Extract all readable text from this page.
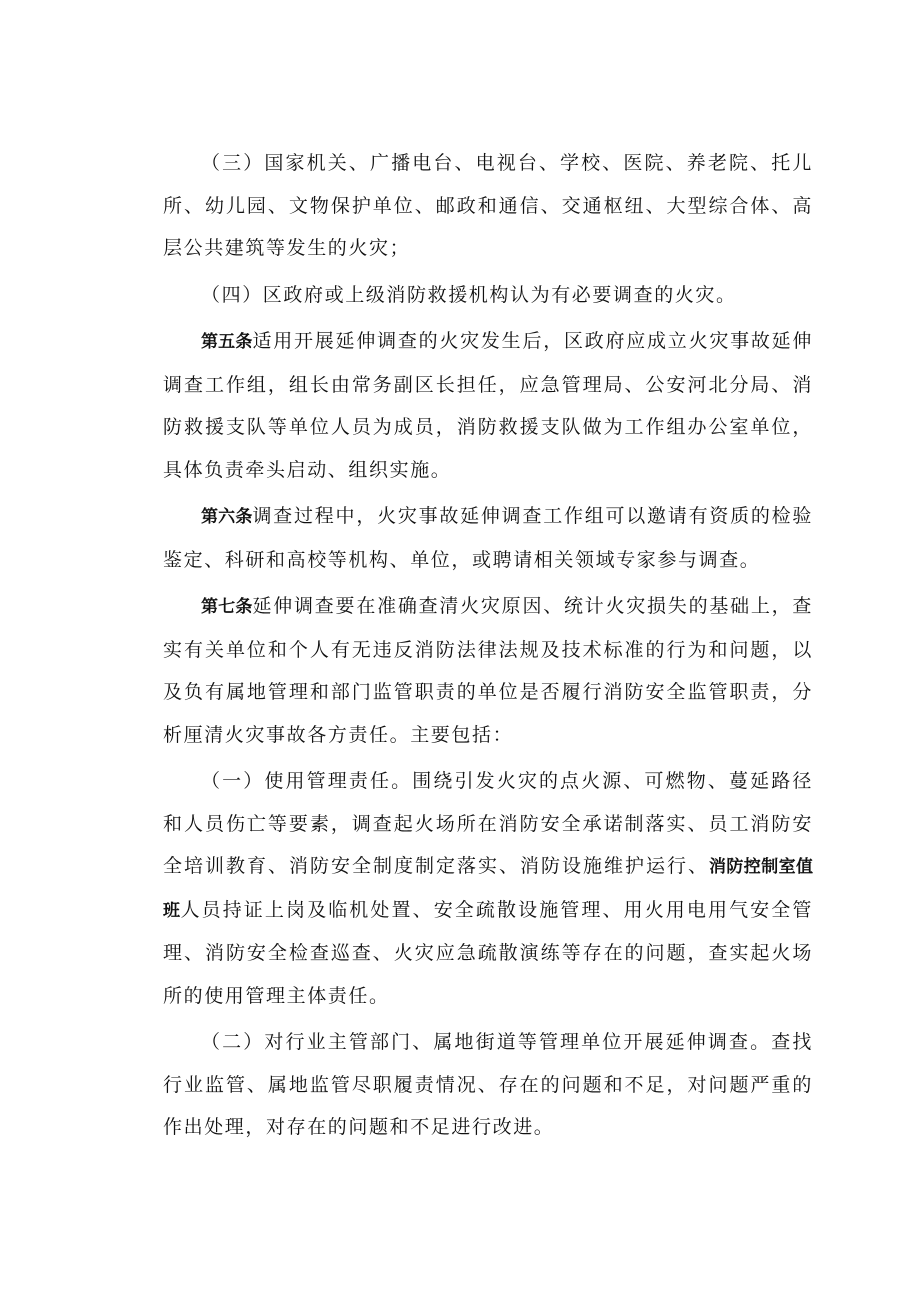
（三）国家机关、广播电台、电视台、学校、医院、养老院、托儿所、幼儿园、文物保护单位、邮政和通信、交通枢纽、大型综合体、高层公共建筑等发生的火灾；

（四）区政府或上级消防救援机构认为有必要调查的火灾。

第五条适用开展延伸调查的火灾发生后，区政府应成立火灾事故延伸调查工作组，组长由常务副区长担任，应急管理局、公安河北分局、消防救援支队等单位人员为成员，消防救援支队做为工作组办公室单位，具体负责牵头启动、组织实施。

第六条调查过程中，火灾事故延伸调查工作组可以邀请有资质的检验鉴定、科研和高校等机构、单位，或聘请相关领域专家参与调查。

第七条延伸调查要在准确查清火灾原因、统计火灾损失的基础上，查实有关单位和个人有无违反消防法律法规及技术标准的行为和问题，以及负有属地管理和部门监管职责的单位是否履行消防安全监管职责，分析厘清火灾事故各方责任。主要包括：

（一）使用管理责任。围绕引发火灾的点火源、可燃物、蔓延路径和人员伤亡等要素，调查起火场所在消防安全承诺制落实、员工消防安全培训教育、消防安全制度制定落实、消防设施维护运行、消防控制室值班人员持证上岗及临机处置、安全疏散设施管理、用火用电用气安全管理、消防安全检查巡查、火灾应急疏散演练等存在的问题，查实起火场所的使用管理主体责任。

（二）对行业主管部门、属地街道等管理单位开展延伸调查。查找行业监管、属地监管尽职履责情况、存在的问题和不足，对问题严重的作出处理，对存在的问题和不足进行改进。
